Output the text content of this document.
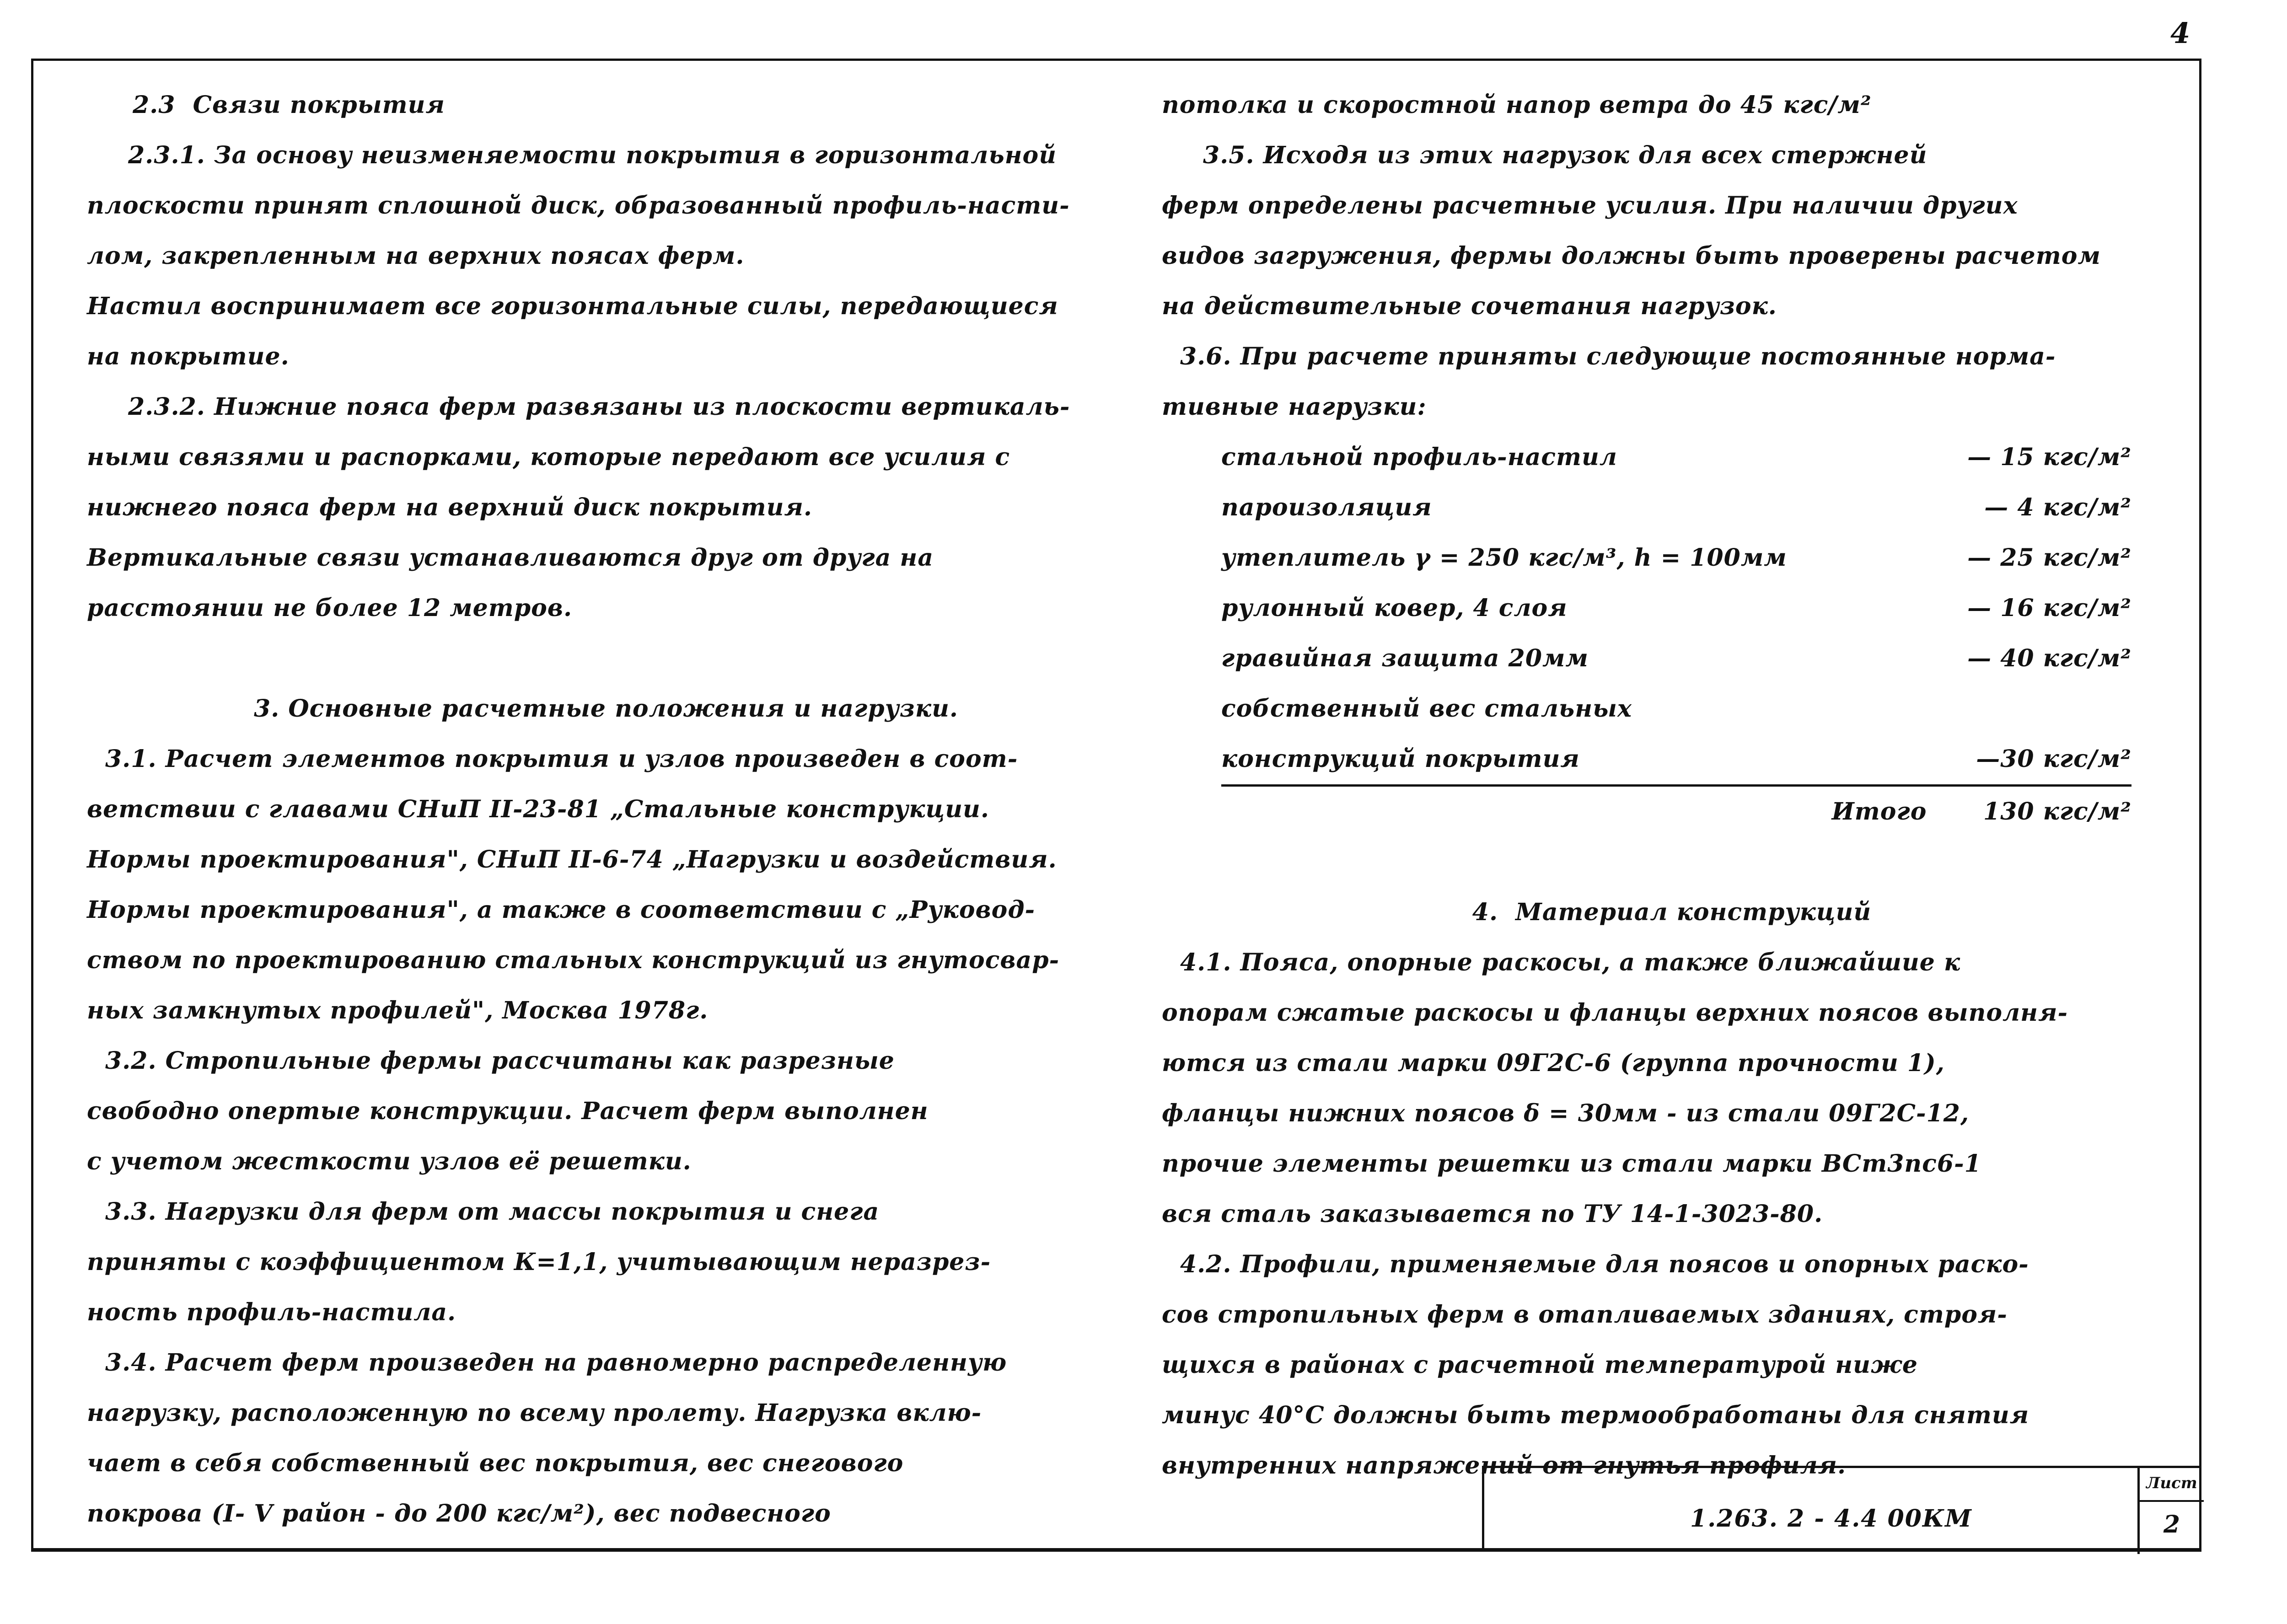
4

2.3  Связи покрытия

2.3.1. За основу неизменяемости покрытия в горизонтальной

плоскости принят сплошной диск, образованный профиль-насти-

лом, закрепленным на верхних поясах ферм.

Настил воспринимает все горизонтальные силы, передающиеся

на покрытие.

2.3.2. Нижние пояса ферм развязаны из плоскости вертикаль-

ными связями и распорками, которые передают все усилия с

нижнего пояса ферм на верхний диск покрытия.

Вертикальные связи устанавливаются друг от друга на

расстоянии не более 12 метров.

3. Основные расчетные положения и нагрузки.

3.1. Расчет элементов покрытия и узлов произведен в соот-

ветствии с главами СНиП II-23-81 „Стальные конструкции.

Нормы проектирования", СНиП II-6-74 „Нагрузки и воздействия.

Нормы проектирования", а также в соответствии с „Руковод-

ством по проектированию стальных конструкций из гнутосвар-

ных замкнутых профилей", Москва 1978г.

3.2. Стропильные фермы рассчитаны как разрезные

свободно опертые конструкции. Расчет ферм выполнен

с учетом жесткости узлов её решетки.

3.3. Нагрузки для ферм от массы покрытия и снега

приняты с коэффициентом К=1,1, учитывающим неразрез-

ность профиль-настила.

3.4. Расчет ферм произведен на равномерно распределенную

нагрузку, расположенную по всему пролету. Нагрузка вклю-

чает в себя собственный вес покрытия, вес снегового

покрова (I- V район - до 200 кгс/м²), вес подвесного

потолка и скоростной напор ветра до 45 кгс/м²

3.5. Исходя из этих нагрузок для всех стержней

ферм определены расчетные усилия. При наличии других

видов загружения, фермы должны быть проверены расчетом

на действительные сочетания нагрузок.

3.6. При расчете приняты следующие постоянные норма-

тивные нагрузки:

стальной профиль-настил	— 15 кгс/м²
пароизоляция	— 4 кгс/м²
утеплитель γ = 250 кгс/м³, h = 100мм	— 25 кгс/м²
рулонный ковер, 4 слоя	— 16 кгс/м²
гравийная защита 20мм	— 40 кгс/м²
собственный вес стальных	
конструкций покрытия	—30 кгс/м²
Итого	130 кгс/м²

4.  Материал конструкций

4.1. Пояса, опорные раскосы, а также ближайшие к

опорам сжатые раскосы и фланцы верхних поясов выполня-

ются из стали марки 09Г2С-6 (группа прочности 1),

фланцы нижних поясов δ = 30мм - из стали 09Г2С-12,

прочие элементы решетки из стали марки ВСт3пс6-1

вся сталь заказывается по ТУ 14-1-3023-80.

4.2. Профили, применяемые для поясов и опорных раско-

сов стропильных ферм в отапливаемых зданиях, строя-

щихся в районах с расчетной температурой ниже

минус 40°С должны быть термообработаны для снятия

внутренних напряжений от гнутья профиля.

1.263. 2 - 4.4 00КМ
Лист
2
